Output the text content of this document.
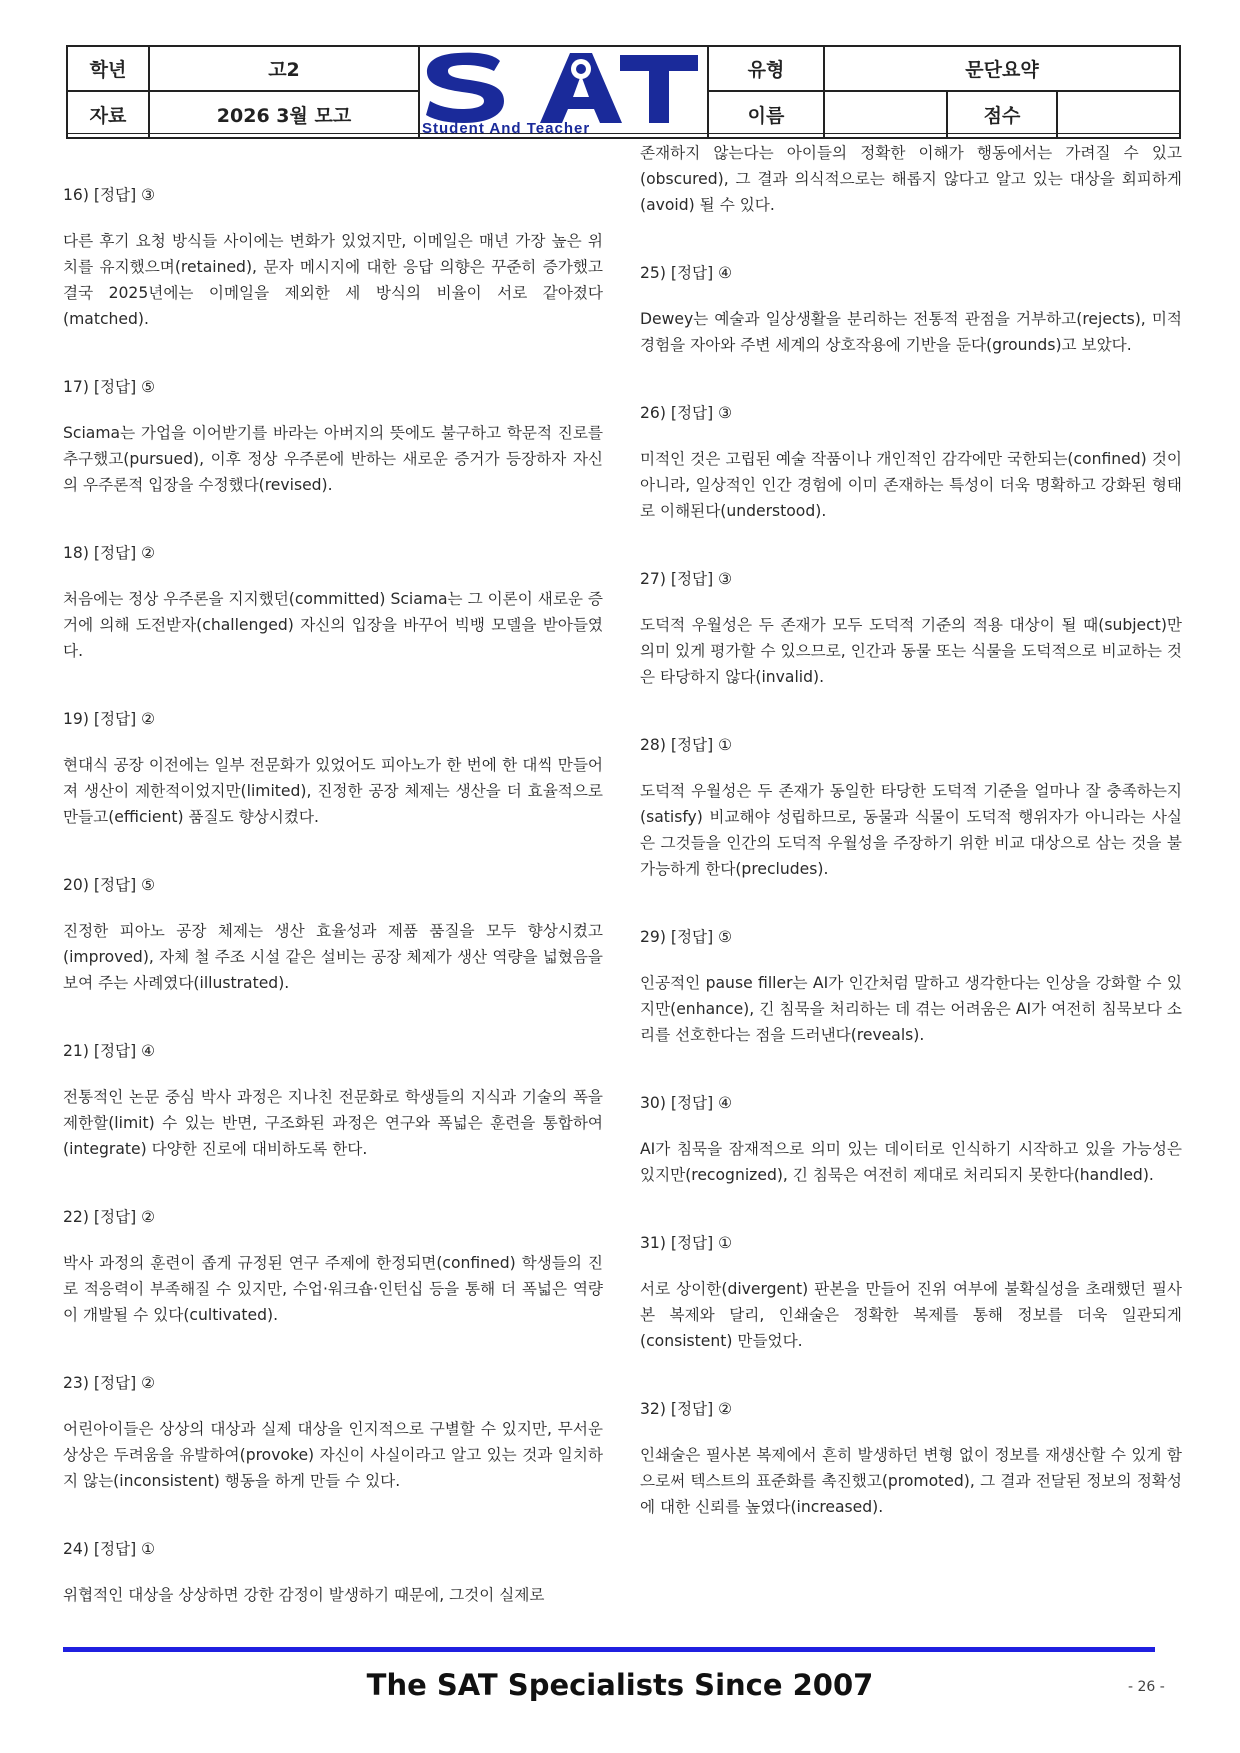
학년	고2	유형	문단요약
자료	2026 3월 모고	이름	점수
Student And Teacher
16) [정답] ③
다른 후기 요청 방식들 사이에는 변화가 있었지만, 이메일은 매년 가장 높은 위치를 유지했으며(retained), 문자 메시지에 대한 응답 의향은 꾸준히 증가했고 결국 2025년에는 이메일을 제외한 세 방식의 비율이 서로 같아졌다(matched).
17) [정답] ⑤
Sciama는 가업을 이어받기를 바라는 아버지의 뜻에도 불구하고 학문적 진로를 추구했고(pursued), 이후 정상 우주론에 반하는 새로운 증거가 등장하자 자신의 우주론적 입장을 수정했다(revised).
18) [정답] ②
처음에는 정상 우주론을 지지했던(committed) Sciama는 그 이론이 새로운 증거에 의해 도전받자(challenged) 자신의 입장을 바꾸어 빅뱅 모델을 받아들였다.
19) [정답] ②
현대식 공장 이전에는 일부 전문화가 있었어도 피아노가 한 번에 한 대씩 만들어져 생산이 제한적이었지만(limited), 진정한 공장 체제는 생산을 더 효율적으로 만들고(efficient) 품질도 향상시켰다.
20) [정답] ⑤
진정한 피아노 공장 체제는 생산 효율성과 제품 품질을 모두 향상시켰고(improved), 자체 철 주조 시설 같은 설비는 공장 체제가 생산 역량을 넓혔음을 보여 주는 사례였다(illustrated).
21) [정답] ④
전통적인 논문 중심 박사 과정은 지나친 전문화로 학생들의 지식과 기술의 폭을 제한할(limit) 수 있는 반면, 구조화된 과정은 연구와 폭넓은 훈련을 통합하여(integrate) 다양한 진로에 대비하도록 한다.
22) [정답] ②
박사 과정의 훈련이 좁게 규정된 연구 주제에 한정되면(confined) 학생들의 진로 적응력이 부족해질 수 있지만, 수업·워크숍·인턴십 등을 통해 더 폭넓은 역량이 개발될 수 있다(cultivated).
23) [정답] ②
어린아이들은 상상의 대상과 실제 대상을 인지적으로 구별할 수 있지만, 무서운 상상은 두려움을 유발하여(provoke) 자신이 사실이라고 알고 있는 것과 일치하지 않는(inconsistent) 행동을 하게 만들 수 있다.
24) [정답] ①
위협적인 대상을 상상하면 강한 감정이 발생하기 때문에, 그것이 실제로
존재하지 않는다는 아이들의 정확한 이해가 행동에서는 가려질 수 있고(obscured), 그 결과 의식적으로는 해롭지 않다고 알고 있는 대상을 회피하게(avoid) 될 수 있다.
25) [정답] ④
Dewey는 예술과 일상생활을 분리하는 전통적 관점을 거부하고(rejects), 미적 경험을 자아와 주변 세계의 상호작용에 기반을 둔다(grounds)고 보았다.
26) [정답] ③
미적인 것은 고립된 예술 작품이나 개인적인 감각에만 국한되는(confined) 것이 아니라, 일상적인 인간 경험에 이미 존재하는 특성이 더욱 명확하고 강화된 형태로 이해된다(understood).
27) [정답] ③
도덕적 우월성은 두 존재가 모두 도덕적 기준의 적용 대상이 될 때(subject)만 의미 있게 평가할 수 있으므로, 인간과 동물 또는 식물을 도덕적으로 비교하는 것은 타당하지 않다(invalid).
28) [정답] ①
도덕적 우월성은 두 존재가 동일한 타당한 도덕적 기준을 얼마나 잘 충족하는지(satisfy) 비교해야 성립하므로, 동물과 식물이 도덕적 행위자가 아니라는 사실은 그것들을 인간의 도덕적 우월성을 주장하기 위한 비교 대상으로 삼는 것을 불가능하게 한다(precludes).
29) [정답] ⑤
인공적인 pause filler는 AI가 인간처럼 말하고 생각한다는 인상을 강화할 수 있지만(enhance), 긴 침묵을 처리하는 데 겪는 어려움은 AI가 여전히 침묵보다 소리를 선호한다는 점을 드러낸다(reveals).
30) [정답] ④
AI가 침묵을 잠재적으로 의미 있는 데이터로 인식하기 시작하고 있을 가능성은 있지만(recognized), 긴 침묵은 여전히 제대로 처리되지 못한다(handled).
31) [정답] ①
서로 상이한(divergent) 판본을 만들어 진위 여부에 불확실성을 초래했던 필사본 복제와 달리, 인쇄술은 정확한 복제를 통해 정보를 더욱 일관되게(consistent) 만들었다.
32) [정답] ②
인쇄술은 필사본 복제에서 흔히 발생하던 변형 없이 정보를 재생산할 수 있게 함으로써 텍스트의 표준화를 촉진했고(promoted), 그 결과 전달된 정보의 정확성에 대한 신뢰를 높였다(increased).
The SAT Specialists Since 2007	- 26 -
